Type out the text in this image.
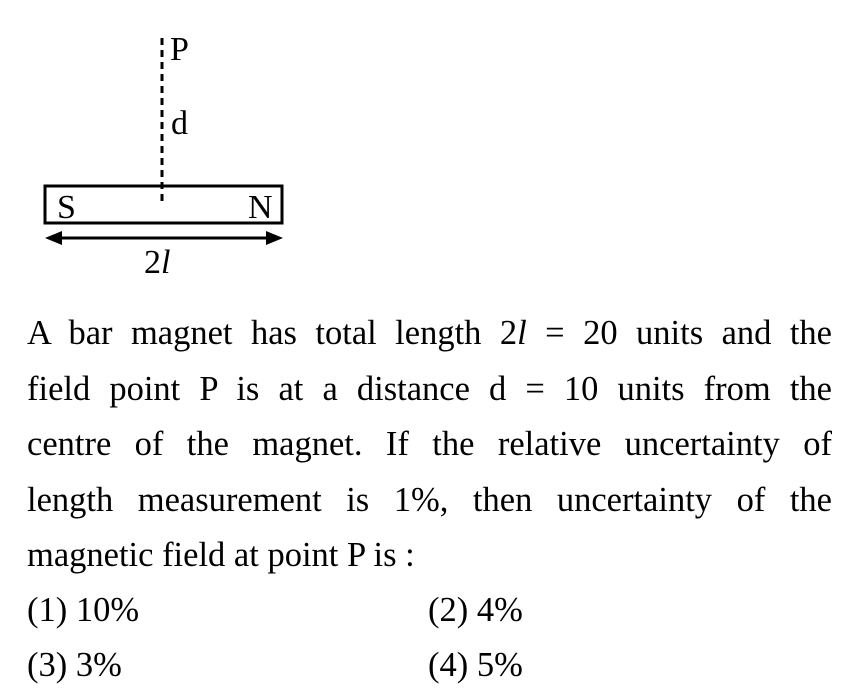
P
d
S	N
2l
A bar magnet has total length 2l = 20 units and the
field point P is at a distance d = 10 units from the
centre of the magnet. If the relative uncertainty of
length measurement is 1%, then uncertainty of the
magnetic field at point P is :
(1) 10%	(2) 4%
(3) 3%	(4) 5%
